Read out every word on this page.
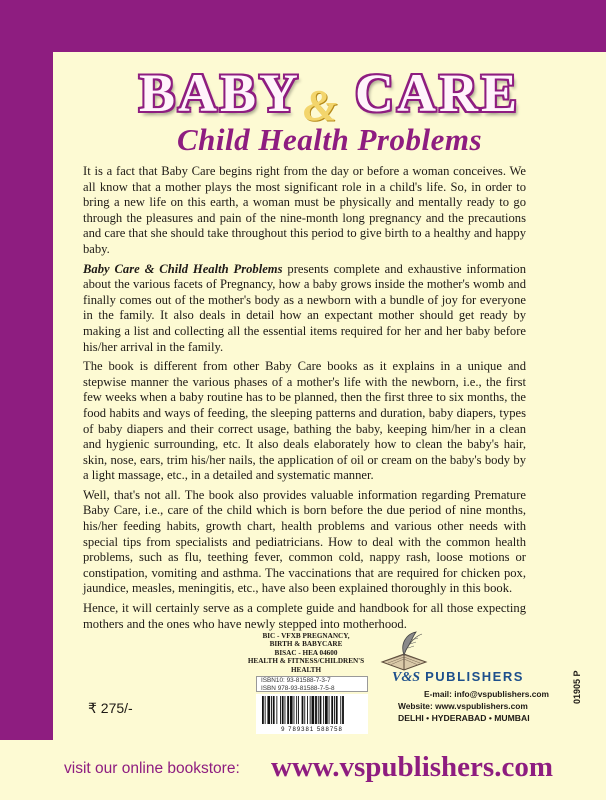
BABY & CARE
Child Health Problems

It is a fact that Baby Care begins right from the day or before a woman conceives. We all know that a mother plays the most significant role in a child's life. So, in order to bring a new life on this earth, a woman must be physically and mentally ready to go through the pleasures and pain of the nine-month long pregnancy and the precautions and care that she should take throughout this period to give birth to a healthy and happy baby.

Baby Care & Child Health Problems presents complete and exhaustive information about the various facets of Pregnancy, how a baby grows inside the mother's womb and finally comes out of the mother's body as a newborn with a bundle of joy for everyone in the family. It also deals in detail how an expectant mother should get ready by making a list and collecting all the essential items required for her and her baby before his/her arrival in the family.

The book is different from other Baby Care books as it explains in a unique and stepwise manner the various phases of a mother's life with the newborn, i.e., the first few weeks when a baby routine has to be planned, then the first three to six months, the food habits and ways of feeding, the sleeping patterns and duration, baby diapers, types of baby diapers and their correct usage, bathing the baby, keeping him/her in a clean and hygienic surrounding, etc. It also deals elaborately how to clean the baby's hair, skin, nose, ears, trim his/her nails, the application of oil or cream on the baby's body by a light massage, etc., in a detailed and systematic manner.

Well, that's not all. The book also provides valuable information regarding Premature Baby Care, i.e., care of the child which is born before the due period of nine months, his/her feeding habits, growth chart, health problems and various other needs with special tips from specialists and pediatricians. How to deal with the common health problems, such as flu, teething fever, common cold, nappy rash, loose motions or constipation, vomiting and asthma. The vaccinations that are required for chicken pox, jaundice, measles, meningitis, etc., have also been explained thoroughly in this book.

Hence, it will certainly serve as a complete guide and handbook for all those expecting mothers and the ones who have newly stepped into motherhood.

BIC - VFXB PREGNANCY,
BIRTH & BABYCARE
BISAC - HEA 04600
HEALTH & FITNESS/CHILDREN'S HEALTH
ISBN10: 93-81588-7-3-7
ISBN 978-93-81588-7-5-8
9 789381 588758
₹ 275/-
V&S PUBLISHERS
E-mail: info@vspublishers.com
Website: www.vspublishers.com
DELHI • HYDERABAD • MUMBAI
01905 P
visit our online bookstore: www.vspublishers.com
